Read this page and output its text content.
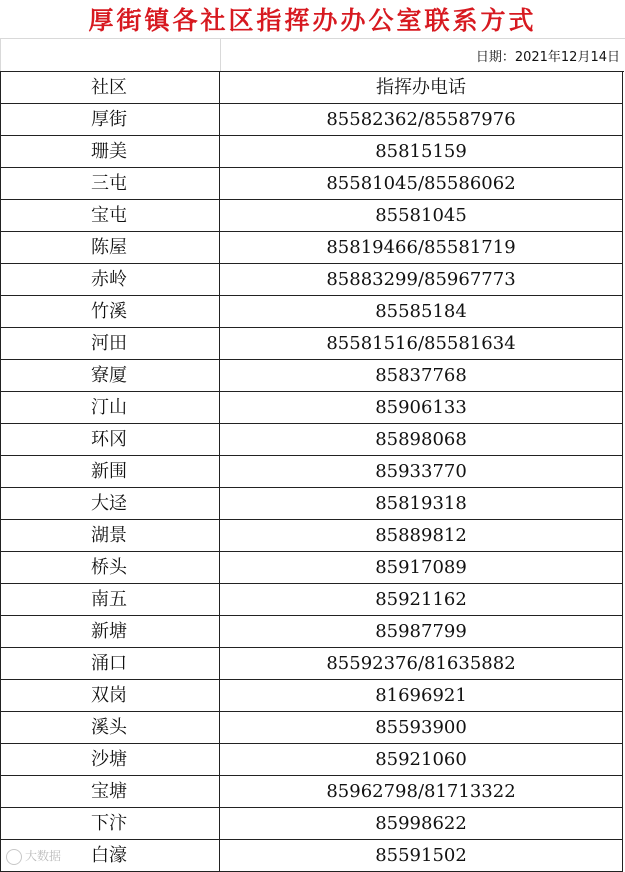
厚街镇各社区指挥办办公室联系方式
日期：2021年12月14日
社区	指挥办电话
厚街	85582362/85587976
珊美	85815159
三屯	85581045/85586062
宝屯	85581045
陈屋	85819466/85581719
赤岭	85883299/85967773
竹溪	85585184
河田	85581516/85581634
寮厦	85837768
汀山	85906133
环冈	85898068
新围	85933770
大迳	85819318
湖景	85889812
桥头	85917089
南五	85921162
新塘	85987799
涌口	85592376/81635882
双岗	81696921
溪头	85593900
沙塘	85921060
宝塘	85962798/81713322
下汴	85998622
白濠	85591502
大数据
